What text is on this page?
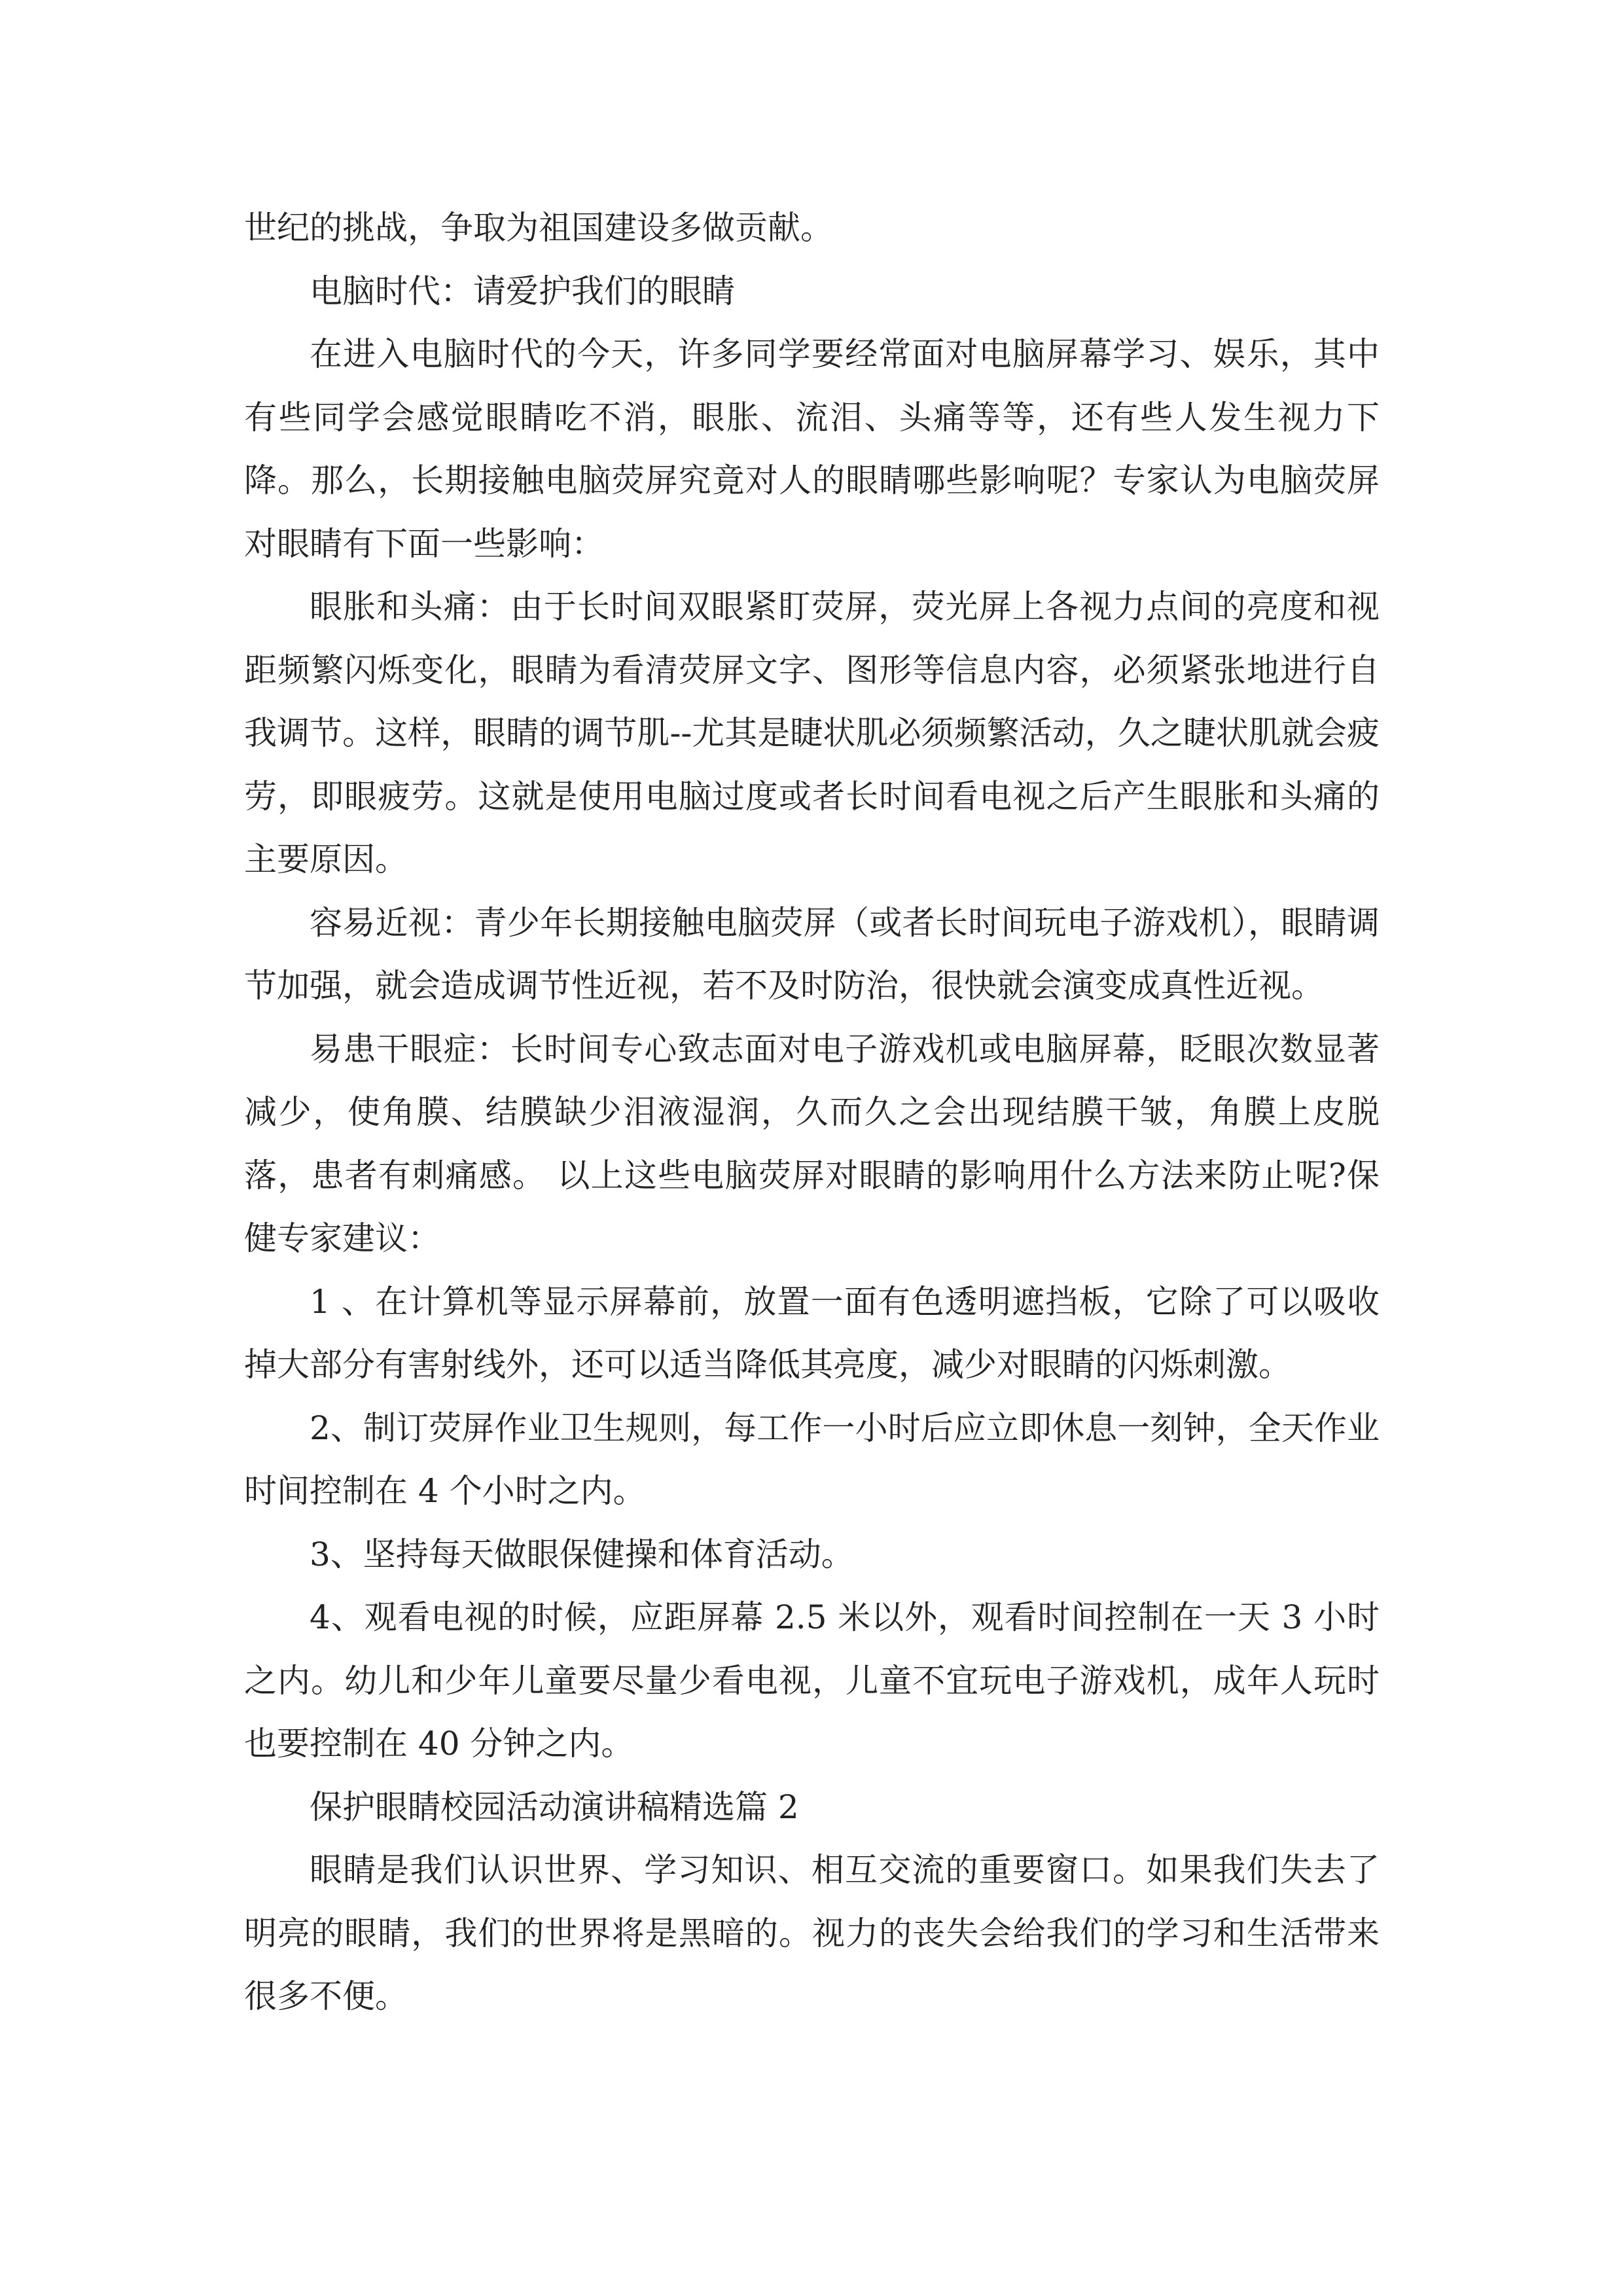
世纪的挑战，争取为祖国建设多做贡献。

电脑时代：请爱护我们的眼睛

在进入电脑时代的今天，许多同学要经常面对电脑屏幕学习、娱乐，其中有些同学会感觉眼睛吃不消，眼胀、流泪、头痛等等，还有些人发生视力下降。那么，长期接触电脑荧屏究竟对人的眼睛哪些影响呢？专家认为电脑荧屏对眼睛有下面一些影响：

眼胀和头痛：由于长时间双眼紧盯荧屏，荧光屏上各视力点间的亮度和视距频繁闪烁变化，眼睛为看清荧屏文字、图形等信息内容，必须紧张地进行自我调节。这样，眼睛的调节肌--尤其是睫状肌必须频繁活动，久之睫状肌就会疲劳，即眼疲劳。这就是使用电脑过度或者长时间看电视之后产生眼胀和头痛的主要原因。

容易近视：青少年长期接触电脑荧屏（或者长时间玩电子游戏机），眼睛调节加强，就会造成调节性近视，若不及时防治，很快就会演变成真性近视。

易患干眼症：长时间专心致志面对电子游戏机或电脑屏幕，眨眼次数显著减少，使角膜、结膜缺少泪液湿润，久而久之会出现结膜干皱，角膜上皮脱落，患者有刺痛感。 以上这些电脑荧屏对眼睛的影响用什么方法来防止呢?保健专家建议：

1 、在计算机等显示屏幕前，放置一面有色透明遮挡板，它除了可以吸收掉大部分有害射线外，还可以适当降低其亮度，减少对眼睛的闪烁刺激。

2、制订荧屏作业卫生规则，每工作一小时后应立即休息一刻钟，全天作业时间控制在 4 个小时之内。

3、坚持每天做眼保健操和体育活动。

4、观看电视的时候，应距屏幕 2.5 米以外，观看时间控制在一天 3 小时之内。幼儿和少年儿童要尽量少看电视，儿童不宜玩电子游戏机，成年人玩时也要控制在 40 分钟之内。

保护眼睛校园活动演讲稿精选篇 2

眼睛是我们认识世界、学习知识、相互交流的重要窗口。如果我们失去了明亮的眼睛，我们的世界将是黑暗的。视力的丧失会给我们的学习和生活带来很多不便。
